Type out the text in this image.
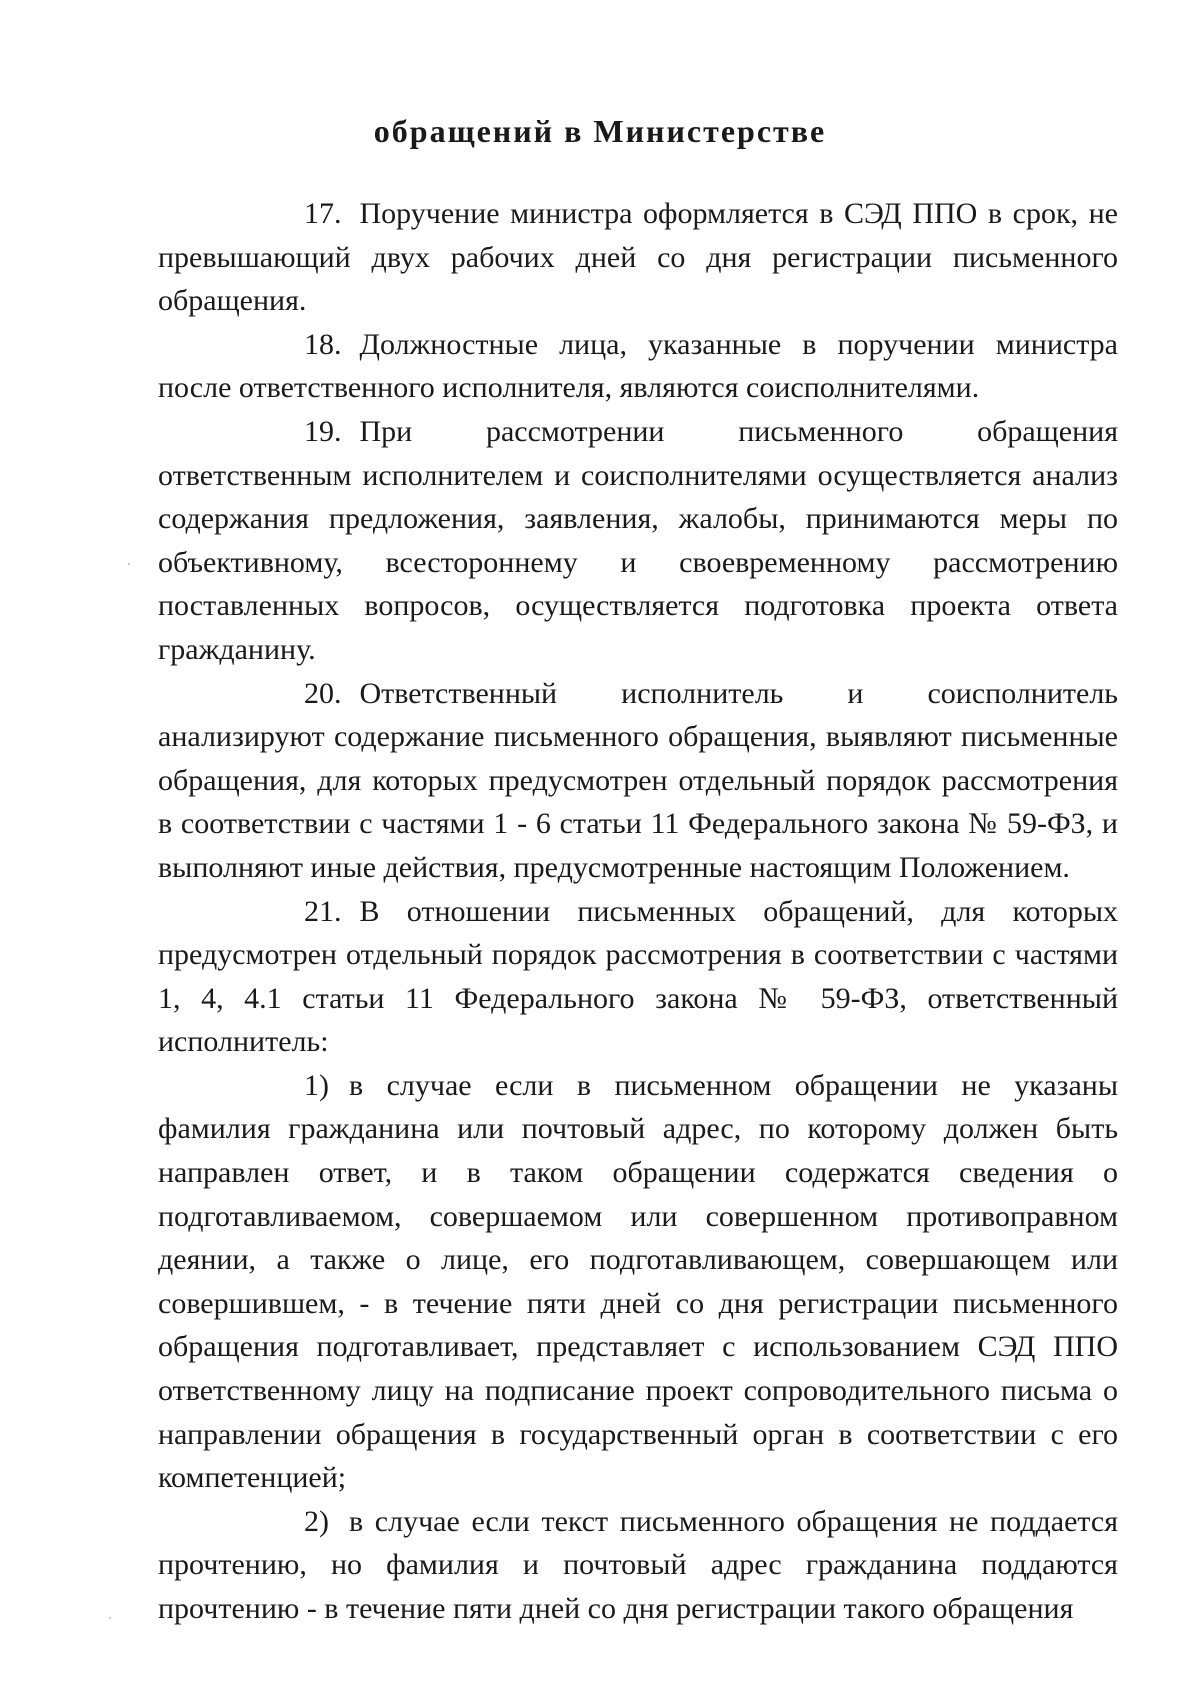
обращений в Министерстве

17. Поручение министра оформляется в СЭД ППО в срок, не превышающий двух рабочих дней со дня регистрации письменного обращения.

18. Должностные лица, указанные в поручении министра после ответственного исполнителя, являются соисполнителями.

19. При рассмотрении письменного обращения ответственным исполнителем и соисполнителями осуществляется анализ содержания предложения, заявления, жалобы, принимаются меры по объективному, всестороннему и своевременному рассмотрению поставленных вопросов, осуществляется подготовка проекта ответа гражданину.

20. Ответственный исполнитель и соисполнитель анализируют содержание письменного обращения, выявляют письменные обращения, для которых предусмотрен отдельный порядок рассмотрения в соответствии с частями 1 - 6 статьи 11 Федерального закона № 59-ФЗ, и выполняют иные действия, предусмотренные настоящим Положением.

21. В отношении письменных обращений, для которых предусмотрен отдельный порядок рассмотрения в соответствии с частями 1, 4, 4.1 статьи 11 Федерального закона № 59-ФЗ, ответственный исполнитель:

1) в случае если в письменном обращении не указаны фамилия гражданина или почтовый адрес, по которому должен быть направлен ответ, и в таком обращении содержатся сведения о подготавливаемом, совершаемом или совершенном противоправном деянии, а также о лице, его подготавливающем, совершающем или совершившем, - в течение пяти дней со дня регистрации письменного обращения подготавливает, представляет с использованием СЭД ППО ответственному лицу на подписание проект сопроводительного письма о направлении обращения в государственный орган в соответствии с его компетенцией;

2) в случае если текст письменного обращения не поддается прочтению, но фамилия и почтовый адрес гражданина поддаются прочтению - в течение пяти дней со дня регистрации такого обращения
